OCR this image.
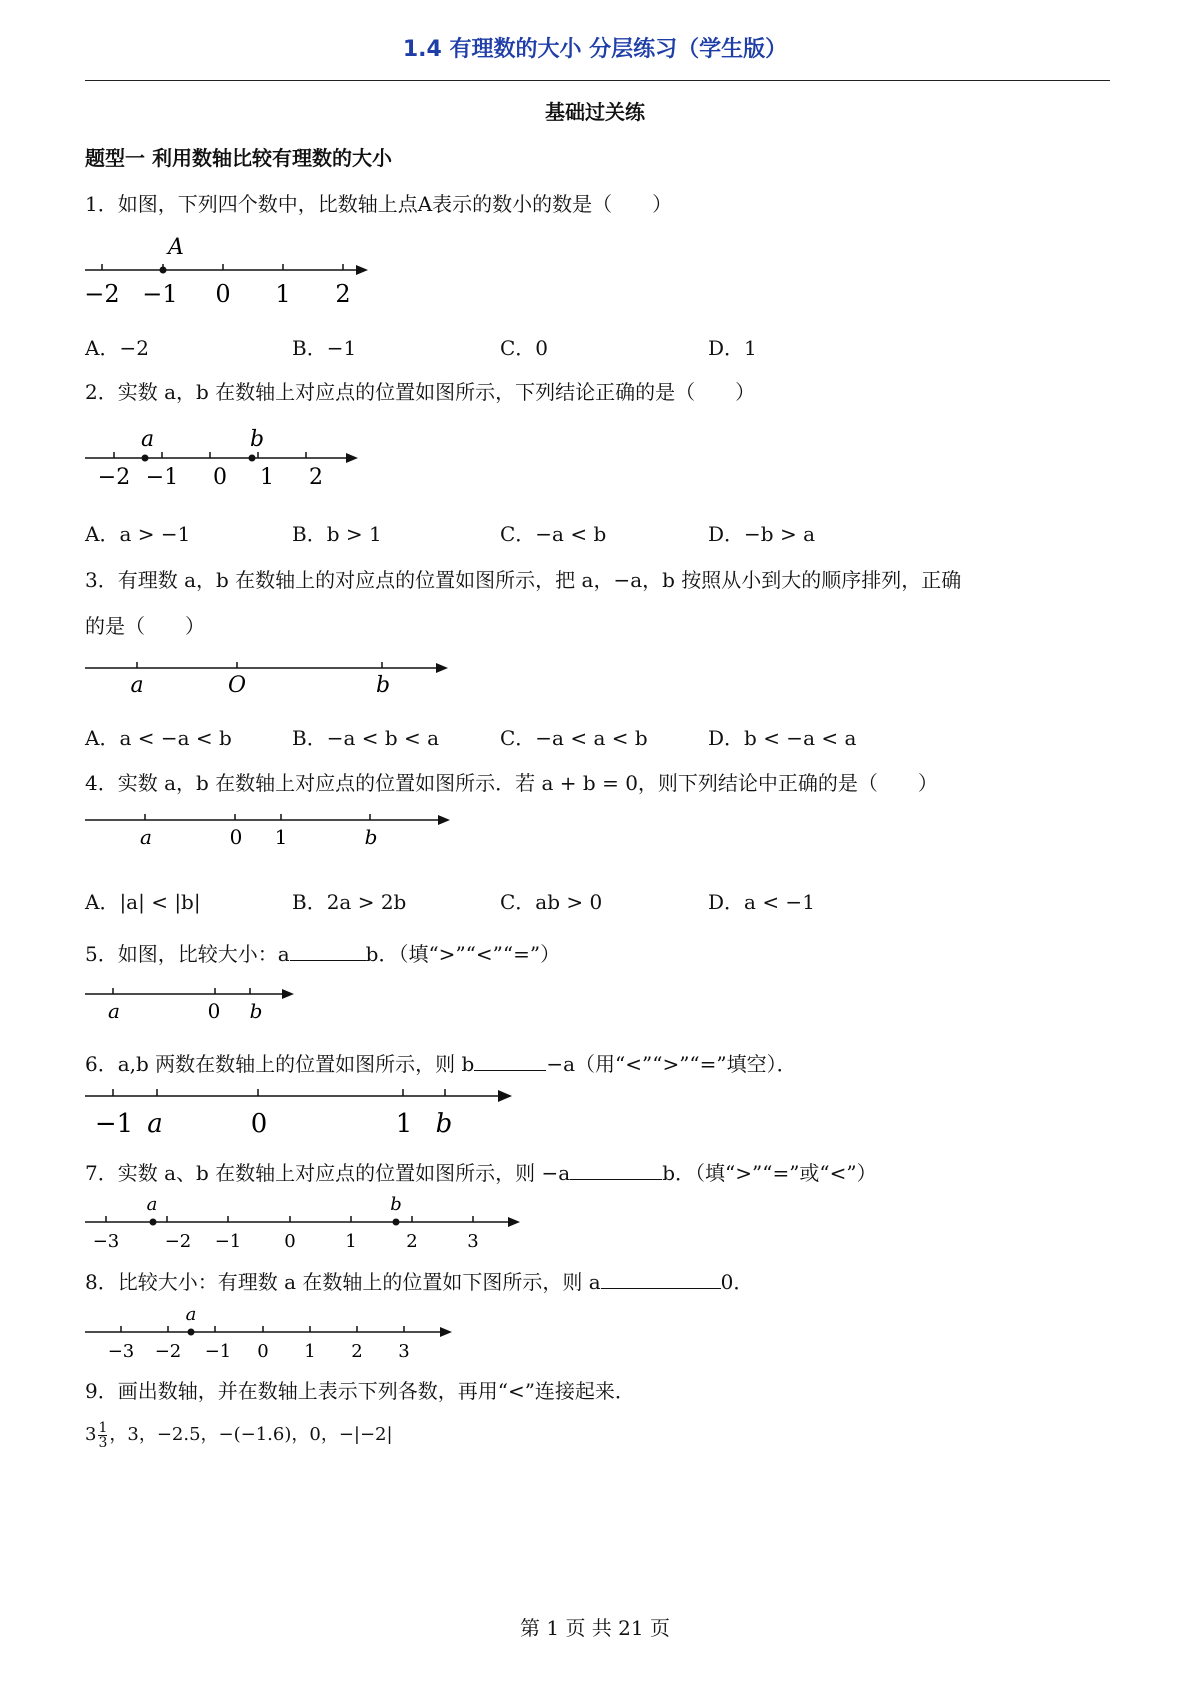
1.4 有理数的大小 分层练习（学生版）
基础过关练
题型一 利用数轴比较有理数的大小
1．如图，下列四个数中，比数轴上点A表示的数小的数是（　　）
A
−2 −1 0 1 2
A．−2	B．−1	C．0	D．1
2．实数 a，b 在数轴上对应点的位置如图所示，下列结论正确的是（　　）
a	b
−2 −1 0 1 2
A．a > −1	B．b > 1	C．−a < b	D．−b > a
3．有理数 a，b 在数轴上的对应点的位置如图所示，把 a，−a，b 按照从小到大的顺序排列，正确
的是（　　）
a	O	b
A．a < −a < b	B．−a < b < a	C．−a < a < b	D．b < −a < a
4．实数 a，b 在数轴上对应点的位置如图所示．若 a + b = 0，则下列结论中正确的是（　　）
a	0 1	b
A．|a| < |b|	B．2a > 2b	C．ab > 0	D．a < −1
5．如图，比较大小：a	b．（填“>”“<”“=”）
a	0 b
6．a,b 两数在数轴上的位置如图所示，则 b	−a（用“<”“>”“=”填空）．
−1 a	0	1 b
7．实数 a、b 在数轴上对应点的位置如图所示，则 −a	b．（填“>”“=”或“<”）
a	b
−3	−2 −1 0	1	2	3
8．比较大小：有理数 a 在数轴上的位置如下图所示，则 a	0．
a
−3 −2 −1 0 1 2 3
9．画出数轴，并在数轴上表示下列各数，再用“<”连接起来．
$3 \frac{1}{3}$ ，3，−2.5，−(−1.6)，0，−|−2|
第 1 页 共 21 页
